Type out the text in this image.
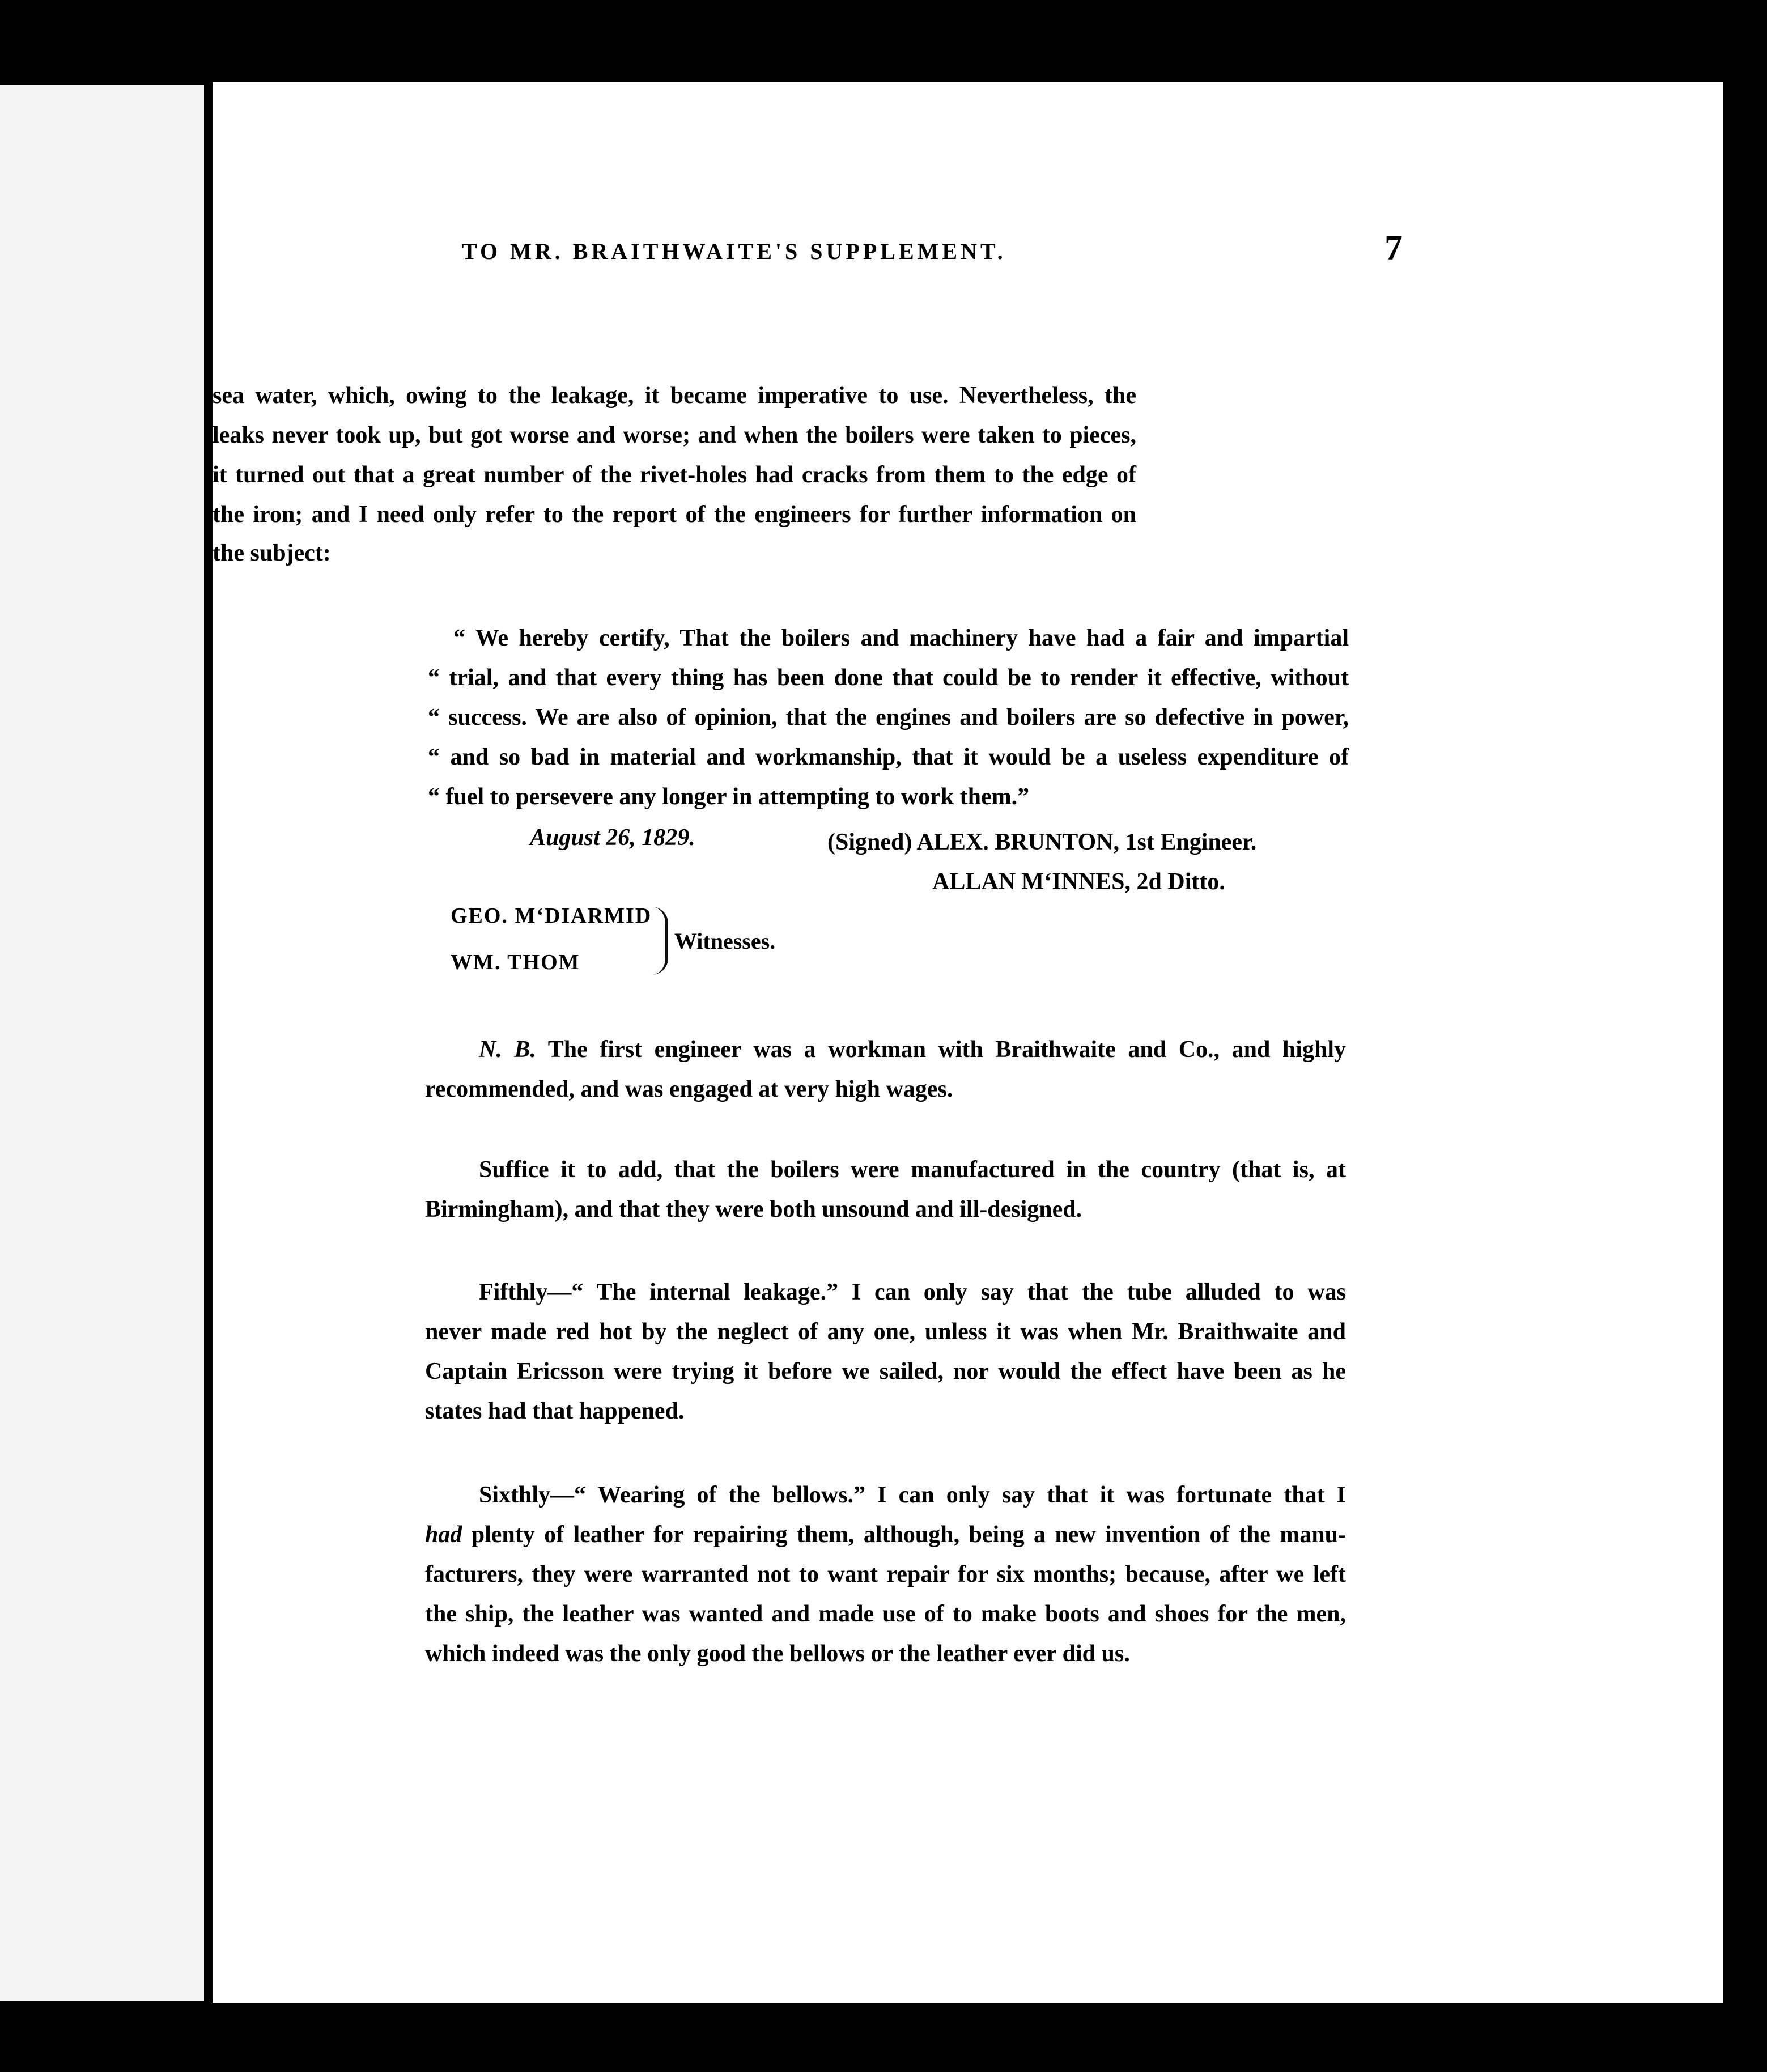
TO MR. BRAITHWAITE'S SUPPLEMENT.	7
sea water, which, owing to the leakage, it became imperative to use. Nevertheless, the
leaks never took up, but got worse and worse; and when the boilers were taken to pieces,
it turned out that a great number of the rivet-holes had cracks from them to the edge of
the iron; and I need only refer to the report of the engineers for further information on
the subject:
“ We hereby certify, That the boilers and machinery have had a fair and impartial
“ trial, and that every thing has been done that could be to render it effective, without
“ success. We are also of opinion, that the engines and boilers are so defective in power,
“ and so bad in material and workmanship, that it would be a useless expenditure of
“ fuel to persevere any longer in attempting to work them.”
August 26, 1829.	(Signed) ALEX. BRUNTON, 1st Engineer.
ALLAN M‘INNES, 2d Ditto.
GEO. M‘DIARMID
WM. THOM
Witnesses.
N. B. The first engineer was a workman with Braithwaite and Co., and highly
recommended, and was engaged at very high wages.
Suffice it to add, that the boilers were manufactured in the country (that is, at
Birmingham), and that they were both unsound and ill-designed.
Fifthly—“ The internal leakage.” I can only say that the tube alluded to was
never made red hot by the neglect of any one, unless it was when Mr. Braithwaite and
Captain Ericsson were trying it before we sailed, nor would the effect have been as he
states had that happened.
Sixthly—“ Wearing of the bellows.” I can only say that it was fortunate that I
had plenty of leather for repairing them, although, being a new invention of the manu-
facturers, they were warranted not to want repair for six months; because, after we left
the ship, the leather was wanted and made use of to make boots and shoes for the men,
which indeed was the only good the bellows or the leather ever did us.
